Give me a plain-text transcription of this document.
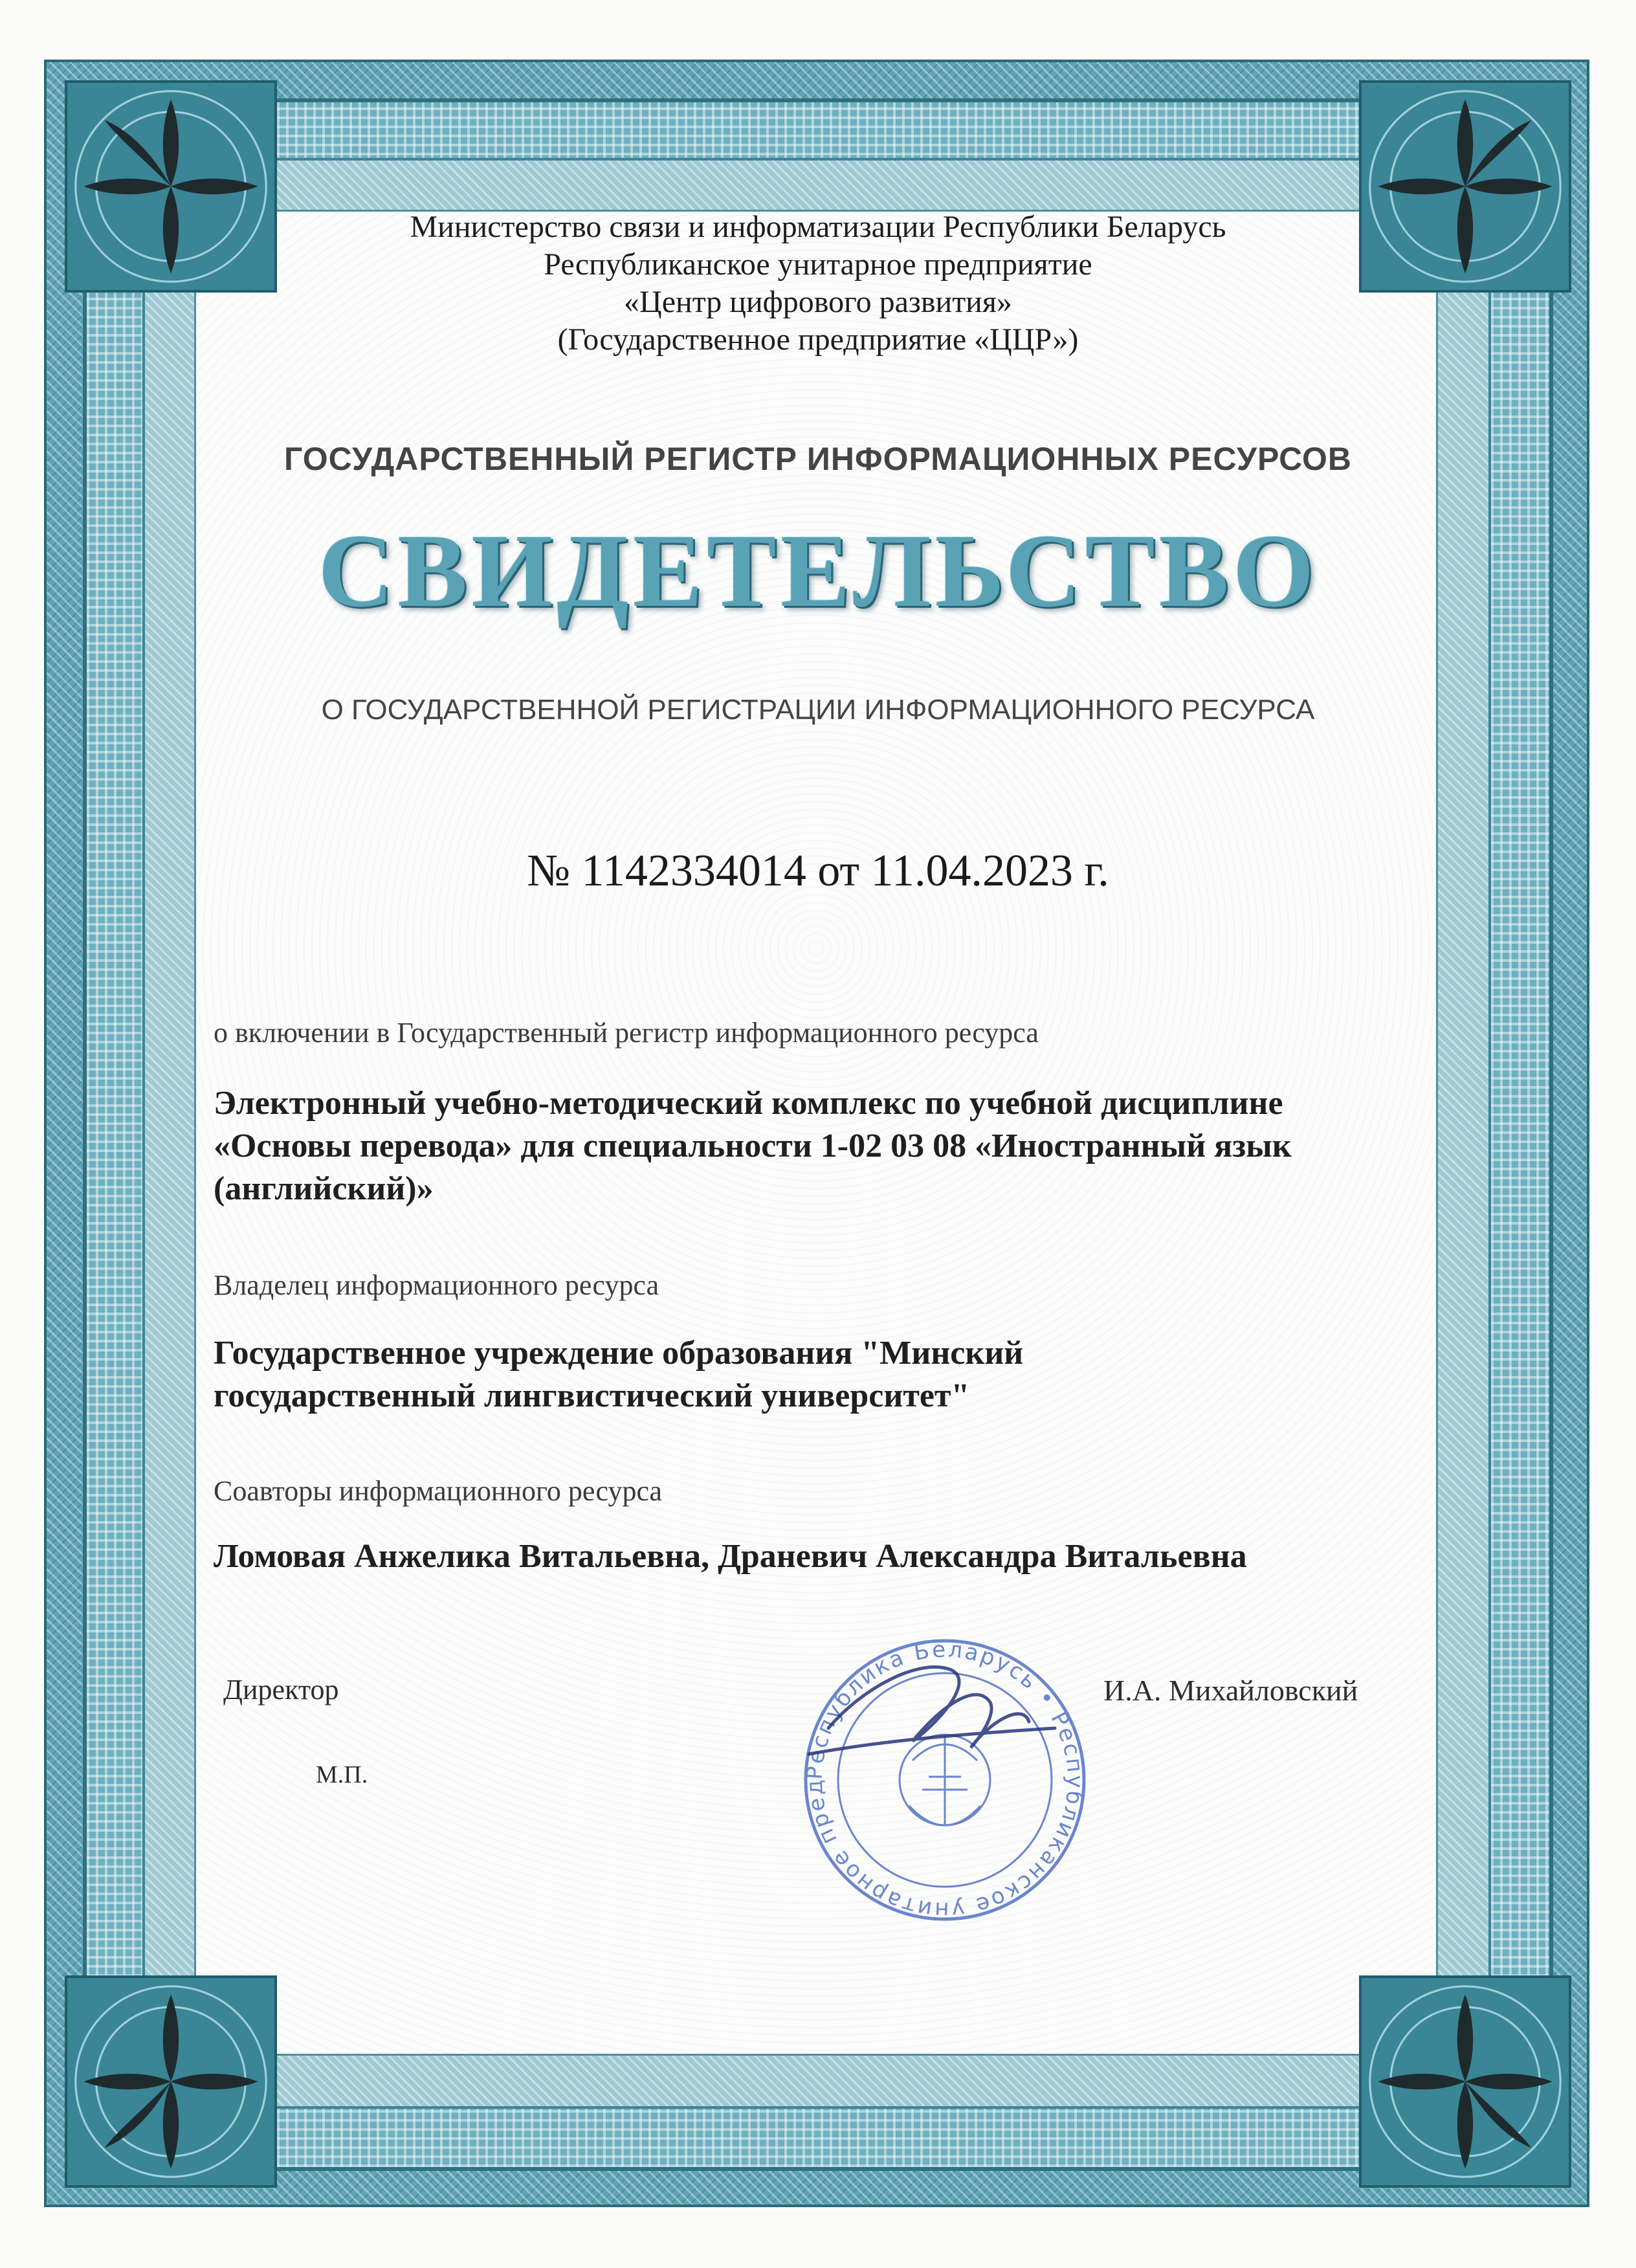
Министерство связи и информатизации Республики Беларусь
Республиканское унитарное предприятие
«Центр цифрового развития»
(Государственное предприятие «ЦЦР»)
ГОСУДАРСТВЕННЫЙ РЕГИСТР ИНФОРМАЦИОННЫХ РЕСУРСОВ
СВИДЕТЕЛЬСТВО
О ГОСУДАРСТВЕННОЙ РЕГИСТРАЦИИ ИНФОРМАЦИОННОГО РЕСУРСА
№ 1142334014 от 11.04.2023 г.
о включении в Государственный регистр информационного ресурса
Электронный учебно-методический комплекс по учебной дисциплине
«Основы перевода» для специальности 1-02 03 08 «Иностранный язык
(английский)»
Владелец информационного ресурса
Государственное учреждение образования "Минский
государственный лингвистический университет"
Соавторы информационного ресурса
Ломовая Анжелика Витальевна, Драневич Александра Витальевна
Директор
М.П.
И.А. Михайловский
Республика Беларусь • Республиканское унитарное пред
